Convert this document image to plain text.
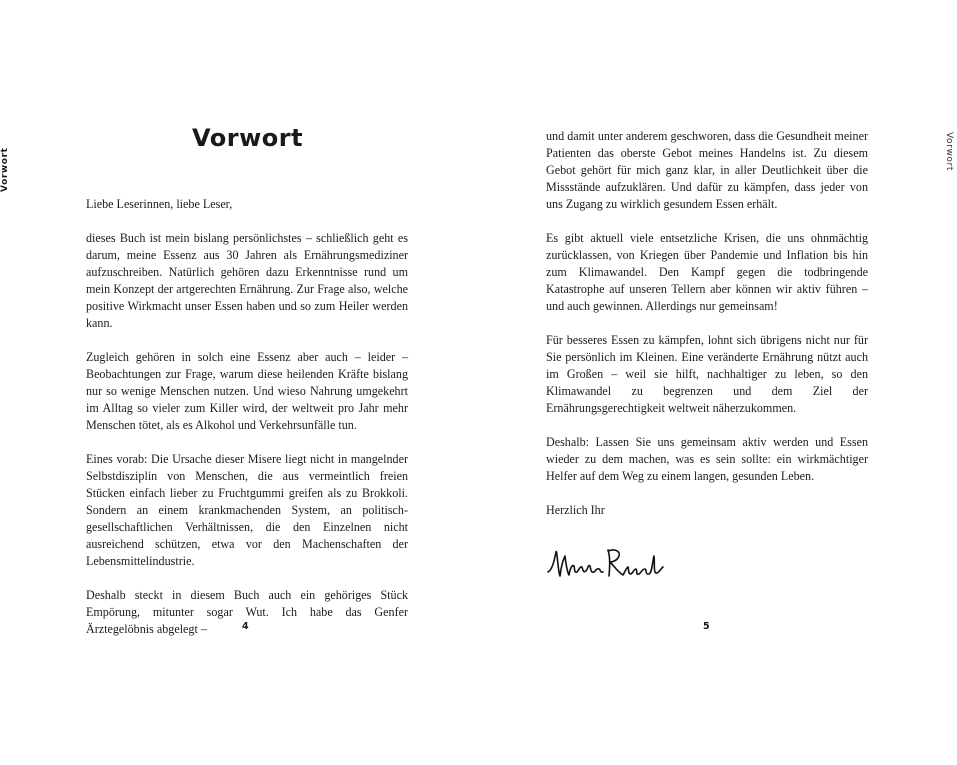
Vorwort	Vorwort
Vorwort

Liebe Leserinnen, liebe Leser,

dieses Buch ist mein bislang persönlichstes – schließlich geht es darum, meine Essenz aus 30 Jahren als Ernährungsmediziner aufzuschreiben. Natürlich gehören dazu Erkenntnisse rund um mein Konzept der artgerechten Ernährung. Zur Frage also, welche positive Wirkmacht unser Essen haben und so zum Heiler werden kann.

Zugleich gehören in solch eine Essenz aber auch – leider – Beobachtungen zur Frage, warum diese heilenden Kräfte bislang nur so wenige Menschen nutzen. Und wieso Nahrung umgekehrt im Alltag so vieler zum Killer wird, der weltweit pro Jahr mehr Menschen tötet, als es Alkohol und Verkehrsunfälle tun.

Eines vorab: Die Ursache dieser Misere liegt nicht in mangelnder Selbstdisziplin von Menschen, die aus vermeintlich freien Stücken einfach lieber zu Fruchtgummi greifen als zu Brokkoli. Sondern an einem krankmachenden System, an politisch-gesellschaftlichen Verhältnissen, die den Einzelnen nicht ausreichend schützen, etwa vor den Machenschaften der Lebensmittelindustrie.

Deshalb steckt in diesem Buch auch ein gehöriges Stück Empörung, mitunter sogar Wut. Ich habe das Genfer Ärztegelöbnis abgelegt –

und damit unter anderem geschworen, dass die Gesundheit meiner Patienten das oberste Gebot meines Handelns ist. Zu diesem Gebot gehört für mich ganz klar, in aller Deutlichkeit über die Missstände aufzuklären. Und dafür zu kämpfen, dass jeder von uns Zugang zu wirklich gesundem Essen erhält.

Es gibt aktuell viele entsetzliche Krisen, die uns ohnmächtig zurücklassen, von Kriegen über Pandemie und Inflation bis hin zum Klimawandel. Den Kampf gegen die todbringende Katastrophe auf unseren Tellern aber können wir aktiv führen – und auch gewinnen. Allerdings nur gemeinsam!

Für besseres Essen zu kämpfen, lohnt sich übrigens nicht nur für Sie persönlich im Kleinen. Eine veränderte Ernährung nützt auch im Großen – weil sie hilft, nachhaltiger zu leben, so den Klimawandel zu begrenzen und dem Ziel der Ernährungsgerechtigkeit weltweit näherzukommen.

Deshalb: Lassen Sie uns gemeinsam aktiv werden und Essen wieder zu dem machen, was es sein sollte: ein wirkmächtiger Helfer auf dem Weg zu einem langen, gesunden Leben.

Herzlich Ihr

4	5
